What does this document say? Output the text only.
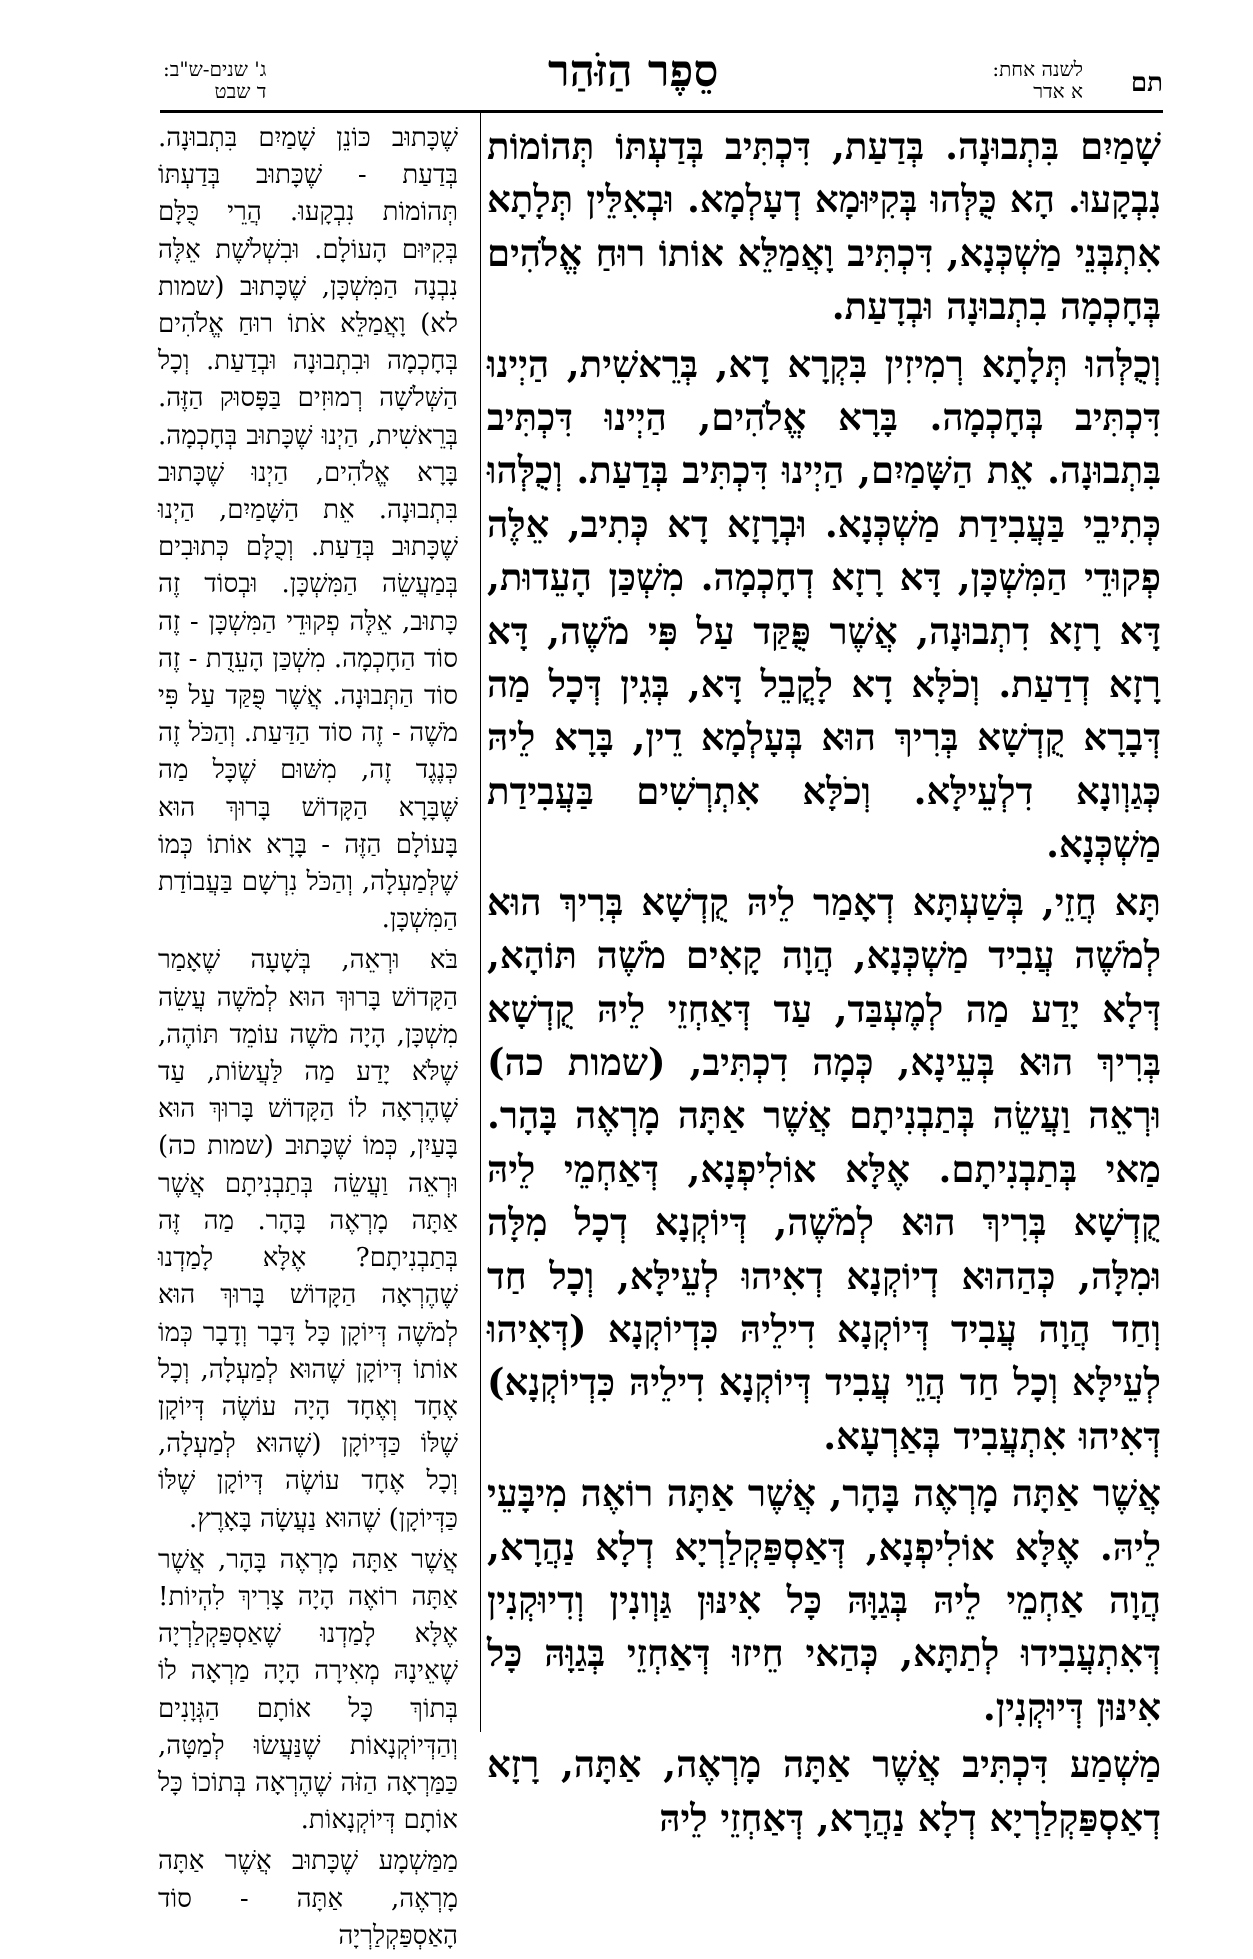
תם
לשנה אחת:
א אדר
סֵפֶר הַזֹּהַר
ג' שנים-ש"ב:
ד שבט

שָׁמַיִם בִּתְבוּנָה. בְּדַעַת, דִּכְתִּיב בְּדַעְתּוֹ תְּהוֹמוֹת נִבְקָעוּ. הָא כֻּלְּהוּ בְּקִיּוּמָא דְעָלְמָא. וּבְאִלֵּין תְּלָתָא אִתְבְּנֵי מַשְׁכְּנָא, דִּכְתִּיב וָאֲמַלֵּא אוֹתוֹ רוּחַ אֱלֹהִים בְּחָכְמָה בִתְבוּנָה וּבְדָעַת.

וְכֻלְּהוּ תְּלָתָא רְמִיזִין בִּקְרָא דָא, בְּרֵאשִׁית, הַיְינוּ דִּכְתִּיב בְּחָכְמָה. בָּרָא אֱלֹהִים, הַיְינוּ דִּכְתִּיב בִּתְבוּנָה. אֵת הַשָּׁמַיִם, הַיְינוּ דִּכְתִּיב בְּדַעַת. וְכֻלְּהוּ כְּתִיבֵי בַּעֲבִידַת מַשְׁכְּנָא. וּבְרָזָא דָא כְּתִיב, אֵלֶּה פְקוּדֵי הַמִּשְׁכָּן, דָּא רָזָא דְחָכְמָה. מִשְׁכַּן הָעֵדוּת, דָּא רָזָא דִתְבוּנָה, אֲשֶׁר פֻּקַּד עַל פִּי מֹשֶׁה, דָּא רָזָא דְדַעַת. וְכֹלָּא דָא לָקֳבֵל דָּא, בְּגִין דְּכָל מַה דְּבָרָא קֻדְשָׁא בְּרִיךְ הוּא בְּעָלְמָא דֵין, בָּרָא לֵיהּ כְּגַוְונָא דִלְעֵילָּא. וְכֹלָּא אִתְרְשִׁים בַּעֲבִידַת מַשְׁכְּנָא.

תָּא חֲזֵי, בְּשַׁעְתָּא דְאָמַר לֵיהּ קֻדְשָׁא בְּרִיךְ הוּא לְמֹשֶׁה עֲבִיד מַשְׁכְּנָא, הֲוָה קָאִים מֹשֶׁה תּוֹהָא, דְּלָא יָדַע מַה לְמֶעְבַּד, עַד דְּאַחְזֵי לֵיהּ קֻדְשָׁא בְּרִיךְ הוּא בְּעֵינָא, כְּמָה דִכְתִּיב, (שמות כה) וּרְאֵה וַעֲשֵׂה בְּתַבְנִיתָם אֲשֶׁר אַתָּה מָרְאֶה בָּהָר. מַאי בְּתַבְנִיתָם. אֶלָּא אוֹלִיפְנָא, דְּאַחְמֵי לֵיהּ קֻדְשָׁא בְּרִיךְ הוּא לְמֹשֶׁה, דְּיוֹקְנָא דְכָל מִלָּה וּמִלָּה, כְּהַהוּא דְיוֹקְנָא דְאִיהוּ לְעֵילָּא, וְכָל חַד וְחַד הֲוָה עֲבִיד דְּיוֹקְנָא דִילֵיהּ כִּדְיוֹקְנָא (דְּאִיהוּ לְעֵילָּא וְכָל חַד הֲוֵי עֲבִיד דְּיוֹקְנָא דִילֵיהּ כִּדְיוֹקְנָא) דְּאִיהוּ אִתְעֲבִיד בְּאַרְעָא.

אֲשֶׁר אַתָּה מָרְאֶה בָּהָר, אֲשֶׁר אַתָּה רוֹאֶה מִיבָּעֵי לֵיהּ. אֶלָּא אוֹלִיפְנָא, דְּאַסְפַּקְלַרְיָא דְלָא נַהֲרָא, הֲוָה אַחְמֵי לֵיהּ בְּגַוָּהּ כָּל אִינּוּן גַּוְונִין וְדִיוּקְנִין דְּאִתְעֲבִידוּ לְתַתָּא, כְּהַאי חֵיזוּ דְּאַחְזֵי בְּגַוָּהּ כָּל אִינּוּן דְּיוּקְנִין.

מַשְׁמַע דִּכְתִּיב אֲשֶׁר אַתָּה מָרְאֶה, אַתָּה, רָזָא דְאַסְפַּקְלַרְיָא דְלָא נַהֲרָא, דְּאַחְזֵי לֵיהּ

שֶׁכָּתוּב כּוֹנֵן שָׁמַיִם בִּתְבוּנָה. בְּדַעַת - שֶׁכָּתוּב בְּדַעְתּוֹ תְּהוֹמוֹת נִבְקָעוּ. הֲרֵי כֻּלָּם בְּקִיּוּם הָעוֹלָם. וּבִשְׁלֹשֶׁת אֵלֶּה נִבְנָה הַמִּשְׁכָּן, שֶׁכָּתוּב (שמות לא) וָאֲמַלֵּא אֹתוֹ רוּחַ אֱלֹהִים בְּחָכְמָה וּבִתְבוּנָה וּבְדַעַת. וְכָל הַשְּׁלֹשָׁה רְמוּזִים בַּפָּסוּק הַזֶּה. בְּרֵאשִׁית, הַיְנוּ שֶׁכָּתוּב בְּחָכְמָה. בָּרָא אֱלֹהִים, הַיְנוּ שֶׁכָּתוּב בִּתְבוּנָה. אֵת הַשָּׁמַיִם, הַיְנוּ שֶׁכָּתוּב בְּדַעַת. וְכֻלָּם כְּתוּבִים בְּמַעֲשֵׂה הַמִּשְׁכָּן. וּבְסוֹד זֶה כָּתוּב, אֵלֶּה פְקוּדֵי הַמִּשְׁכָּן - זֶה סוֹד הַחָכְמָה. מִשְׁכַּן הָעֵדֻת - זֶה סוֹד הַתְּבוּנָה. אֲשֶׁר פֻּקַּד עַל פִּי מֹשֶׁה - זֶה סוֹד הַדַּעַת. וְהַכֹּל זֶה כְּנֶגֶד זֶה, מִשּׁוּם שֶׁכָּל מַה שֶּׁבָּרָא הַקָּדוֹשׁ בָּרוּךְ הוּא בָּעוֹלָם הַזֶּה - בָּרָא אוֹתוֹ כְּמוֹ שֶׁלְּמַעְלָה, וְהַכֹּל נִרְשָׁם בַּעֲבוֹדַת הַמִּשְׁכָּן.

בֹּא וּרְאֵה, בְּשָׁעָה שֶׁאָמַר הַקָּדוֹשׁ בָּרוּךְ הוּא לְמֹשֶׁה עֲשֵׂה מִשְׁכָּן, הָיָה מֹשֶׁה עוֹמֵד תּוֹהֶה, שֶׁלֹּא יָדַע מַה לַּעֲשׂוֹת, עַד שֶׁהֶרְאָה לוֹ הַקָּדוֹשׁ בָּרוּךְ הוּא בָּעַיִן, כְּמוֹ שֶׁכָּתוּב (שמות כה) וּרְאֵה וַעֲשֵׂה בְּתַבְנִיתָם אֲשֶׁר אַתָּה מָרְאֶה בָּהָר. מַה זֶּה בְּתַבְנִיתָם? אֶלָּא לָמַדְנוּ שֶׁהֶרְאָה הַקָּדוֹשׁ בָּרוּךְ הוּא לְמֹשֶׁה דְּיוֹקָן כָּל דָּבָר וְדָבָר כְּמוֹ אוֹתוֹ דְּיוֹקָן שֶׁהוּא לְמַעְלָה, וְכָל אֶחָד וְאֶחָד הָיָה עוֹשֶׂה דְּיוֹקָן שֶׁלּוֹ כַּדְּיוֹקָן (שֶׁהוּא לְמַעְלָה, וְכָל אֶחָד עוֹשֶׂה דְּיוֹקָן שֶׁלּוֹ כַּדְּיוֹקָן) שֶׁהוּא נַעֲשָׂה בָּאָרֶץ.

אֲשֶׁר אַתָּה מָרְאֶה בָּהָר, אֲשֶׁר אַתָּה רוֹאֶה הָיָה צָרִיךְ לִהְיוֹת! אֶלָּא לָמַדְנוּ שֶׁאַסְפַּקְלַרְיָה שֶׁאֵינָהּ מְאִירָה הָיָה מַרְאָה לוֹ בְּתוֹךְ כָּל אוֹתָם הַגְּוָנִים וְהַדְּיוֹקְנָאוֹת שֶׁנַּעֲשׂוּ לְמַטָּה, כַּמַּרְאָה הַזֹּה שֶׁהֶרְאָה בְּתוֹכוֹ כָּל אוֹתָם דְּיוֹקְנָאוֹת.

מַמַּשְׁמָע שֶׁכָּתוּב אֲשֶׁר אַתָּה מָרְאֶה, אַתָּה - סוֹד הָאַסְפַּקְלַרְיָה
